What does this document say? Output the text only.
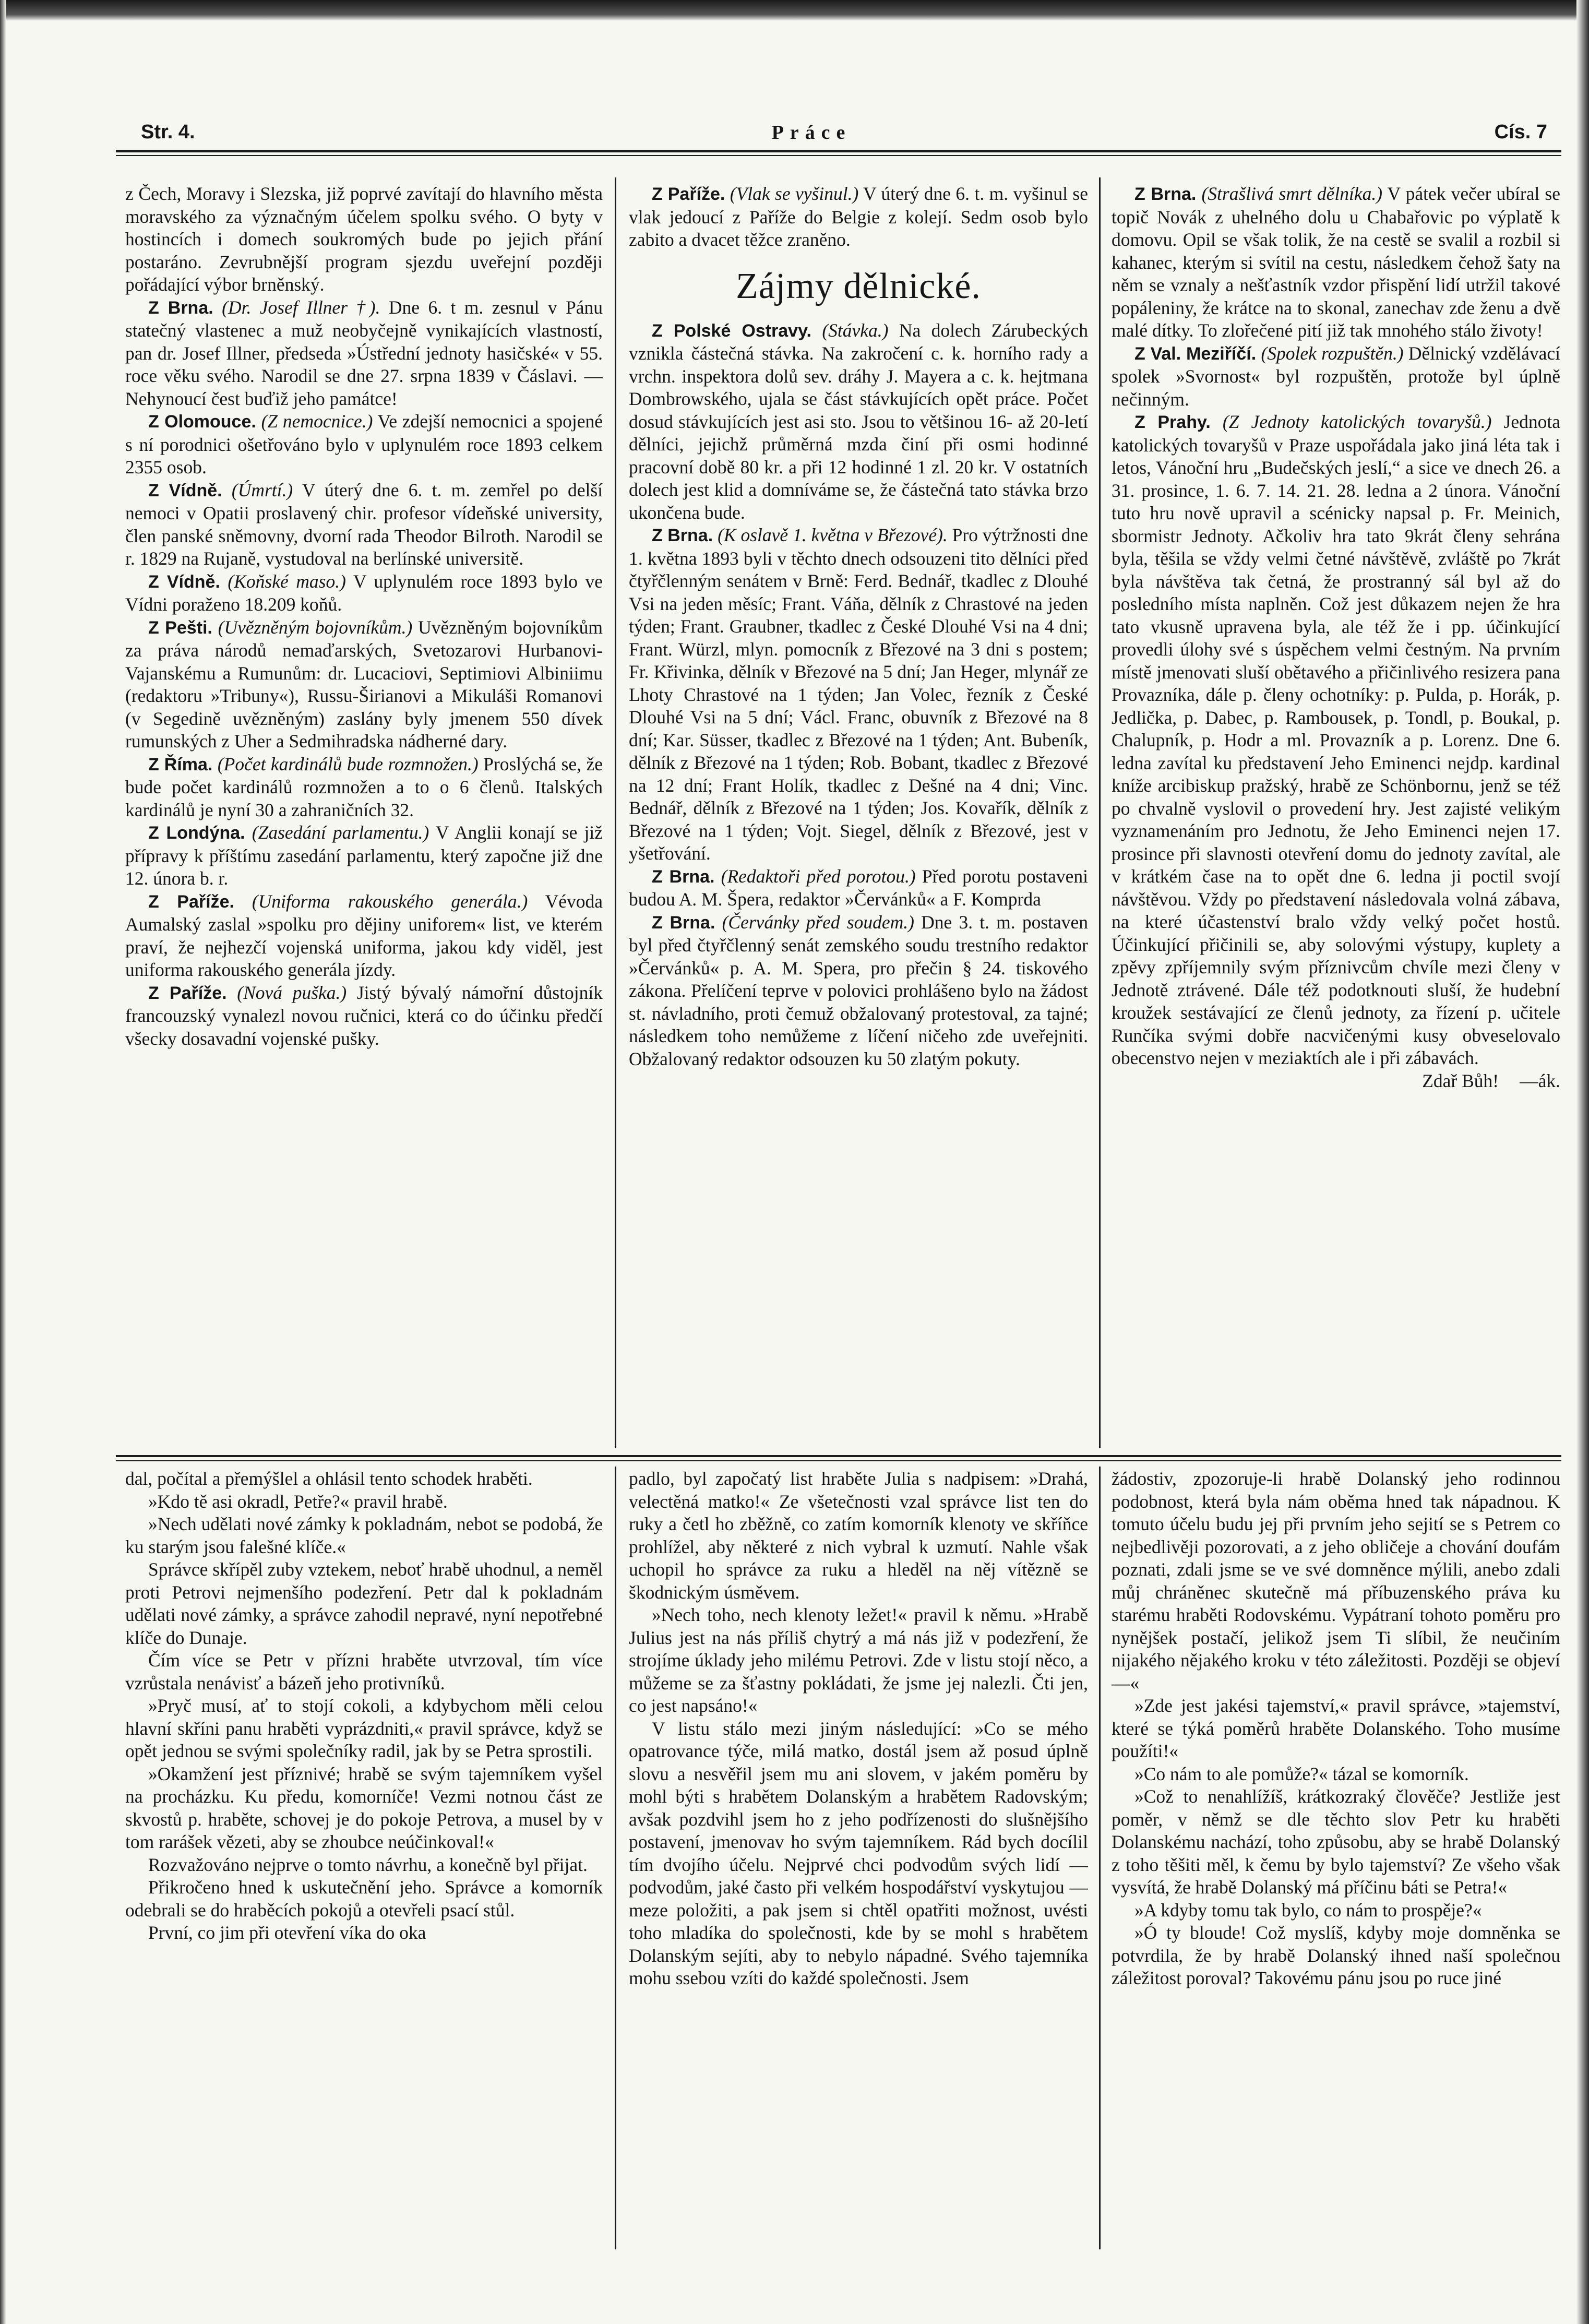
Str. 4.	Práce	Cís. 7

z Čech, Moravy i Slezska, již poprvé zavítají do hlavního města moravského za význačným účelem spolku svého. O byty v hostincích i domech soukromých bude po jejich přání postaráno. Zevrubnější program sjezdu uveřejní později pořádající výbor brněnský.

Z Brna. (Dr. Josef Illner †). Dne 6. t m. zesnul v Pánu statečný vlastenec a muž neobyčejně vynikajících vlastností, pan dr. Josef Illner, předseda »Ústřední jednoty hasičské« v 55. roce věku svého. Narodil se dne 27. srpna 1839 v Čáslavi. — Nehynoucí čest buďiž jeho památce!

Z Olomouce. (Z nemocnice.) Ve zdejší nemocnici a spojené s ní porodnici ošetřováno bylo v uplynulém roce 1893 celkem 2355 osob.

Z Vídně. (Úmrtí.) V úterý dne 6. t. m. zemřel po delší nemoci v Opatii proslavený chir. profesor vídeňské university, člen panské sněmovny, dvorní rada Theodor Bilroth. Narodil se r. 1829 na Rujaně, vystudoval na berlínské universitě.

Z Vídně. (Koňské maso.) V uplynulém roce 1893 bylo ve Vídni poraženo 18.209 koňů.

Z Pešti. (Uvězněným bojovníkům.) Uvězněným bojovníkům za práva národů nemaďarských, Svetozarovi Hurbanovi-Vajanskému a Rumunům: dr. Lucaciovi, Septimiovi Albiniimu (redaktoru »Tribuny«), Russu-Širianovi a Mikuláši Romanovi (v Segedině uvězněným) zaslány byly jmenem 550 dívek rumunských z Uher a Sedmihradska nádherné dary.

Z Říma. (Počet kardinálů bude rozmnožen.) Proslýchá se, že bude počet kardinálů rozmnožen a to o 6 členů. Italských kardinálů je nyní 30 a zahraničních 32.

Z Londýna. (Zasedání parlamentu.) V Anglii konají se již přípravy k příštímu zasedání parlamentu, který započne již dne 12. února b. r.

Z Paříže. (Uniforma rakouského generála.) Vévoda Aumalský zaslal »spolku pro dějiny uniforem« list, ve kterém praví, že nejhezčí vojenská uniforma, jakou kdy viděl, jest uniforma rakouského generála jízdy.

Z Paříže. (Nová puška.) Jistý bývalý námořní důstojník francouzský vynalezl novou ručnici, která co do účinku předčí všecky dosavadní vojenské pušky.

Z Paříže. (Vlak se vyšinul.) V úterý dne 6. t. m. vyšinul se vlak jedoucí z Paříže do Belgie z kolejí. Sedm osob bylo zabito a dvacet těžce zraněno.

Zájmy dělnické.

Z Polské Ostravy. (Stávka.) Na dolech Zárubeckých vznikla částečná stávka. Na zakročení c. k. horního rady a vrchn. inspektora dolů sev. dráhy J. Mayera a c. k. hejtmana Dombrowského, ujala se část stávkujících opět práce. Počet dosud stávkujících jest asi sto. Jsou to většinou 16- až 20-letí dělníci, jejichž průměrná mzda činí při osmi hodinné pracovní době 80 kr. a při 12 hodinné 1 zl. 20 kr. V ostatních dolech jest klid a domníváme se, že částečná tato stávka brzo ukončena bude.

Z Brna. (K oslavě 1. května v Březové). Pro výtržnosti dne 1. května 1893 byli v těchto dnech odsouzeni tito dělníci před čtyřčlenným senátem v Brně: Ferd. Bednář, tkadlec z Dlouhé Vsi na jeden měsíc; Frant. Váňa, dělník z Chrastové na jeden týden; Frant. Graubner, tkadlec z České Dlouhé Vsi na 4 dni; Frant. Würzl, mlyn. pomocník z Březové na 3 dni s postem; Fr. Křivinka, dělník v Březové na 5 dní; Jan Heger, mlynář ze Lhoty Chrastové na 1 týden; Jan Volec, řezník z České Dlouhé Vsi na 5 dní; Václ. Franc, obuvník z Březové na 8 dní; Kar. Süsser, tkadlec z Březové na 1 týden; Ant. Bubeník, dělník z Březové na 1 týden; Rob. Bobant, tkadlec z Březové na 12 dní; Frant Holík, tkadlec z Dešné na 4 dni; Vinc. Bednář, dělník z Březové na 1 týden; Jos. Kovařík, dělník z Březové na 1 týden; Vojt. Siegel, dělník z Březové, jest v yšetřování.

Z Brna. (Redaktoři před porotou.) Před porotu postaveni budou A. M. Špera, redaktor »Červánků« a F. Komprda

Z Brna. (Červánky před soudem.) Dne 3. t. m. postaven byl před čtyřčlenný senát zemského soudu trestního redaktor »Červánků« p. A. M. Spera, pro přečin § 24. tiskového zákona. Přelíčení teprve v polovici prohlášeno bylo na žádost st. návladního, proti čemuž obžalovaný protestoval, za tajné; následkem toho nemůžeme z líčení ničeho zde uveřejniti. Obžalovaný redaktor odsouzen ku 50 zlatým pokuty.

Z Brna. (Strašlivá smrt dělníka.) V pátek večer ubíral se topič Novák z uhelného dolu u Chabařovic po výplatě k domovu. Opil se však tolik, že na cestě se svalil a rozbil si kahanec, kterým si svítil na cestu, následkem čehož šaty na něm se vznaly a nešťastník vzdor přispění lidí utržil takové popáleniny, že krátce na to skonal, zanechav zde ženu a dvě malé dítky. To zlořečené pití již tak mnohého stálo životy!

Z Val. Meziříčí. (Spolek rozpuštěn.) Dělnický vzdělávací spolek »Svornost« byl rozpuštěn, protože byl úplně nečinným.

Z Prahy. (Z Jednoty katolických tovaryšů.) Jednota katolických tovaryšů v Praze uspořádala jako jiná léta tak i letos, Vánoční hru „Budečských jeslí,“ a sice ve dnech 26. a 31. prosince, 1. 6. 7. 14. 21. 28. ledna a 2 února. Vánoční tuto hru nově upravil a scénicky napsal p. Fr. Meinich, sbormistr Jednoty. Ačkoliv hra tato 9krát členy sehrána byla, těšila se vždy velmi četné návštěvě, zvláště po 7krát byla návštěva tak četná, že prostranný sál byl až do posledního místa naplněn. Což jest důkazem nejen že hra tato vkusně upravena byla, ale též že i pp. účinkující provedli úlohy své s úspěchem velmi čestným. Na prvním místě jmenovati sluší obětavého a přičinlivého resizera pana Provazníka, dále p. členy ochotníky: p. Pulda, p. Horák, p. Jedlička, p. Dabec, p. Rambousek, p. Tondl, p. Boukal, p. Chalupník, p. Hodr a ml. Provazník a p. Lorenz. Dne 6. ledna zavítal ku představení Jeho Eminenci nejdp. kardinal kníže arcibiskup pražský, hrabě ze Schönbornu, jenž se též po chvalně vyslovil o provedení hry. Jest zajisté velikým vyznamenáním pro Jednotu, že Jeho Eminenci nejen 17. prosince při slavnosti otevření domu do jednoty zavítal, ale v krátkém čase na to opět dne 6. ledna ji poctil svojí návštěvou. Vždy po představení následovala volná zábava, na které účastenství bralo vždy velký počet hostů. Účinkující přičinili se, aby solovými výstupy, kuplety a zpěvy zpříjemnily svým příznivcům chvíle mezi členy v Jednotě ztrávené. Dále též podotknouti sluší, že hudební kroužek sestávající ze členů jednoty, za řízení p. učitele Runčíka svými dobře nacvičenými kusy obveselovalo obecenstvo nejen v meziaktích ale i při zábavách.

Zdař Bůh! —ák.

dal, počítal a přemýšlel a ohlásil tento schodek hraběti.

»Kdo tě asi okradl, Petře?« pravil hrabě.

»Nech udělati nové zámky k pokladnám, nebot se podobá, že ku starým jsou falešné klíče.«

Správce skřípěl zuby vztekem, neboť hrabě uhodnul, a neměl proti Petrovi nejmenšího podezření. Petr dal k pokladnám udělati nové zámky, a správce zahodil nepravé, nyní nepotřebné klíče do Dunaje.

Čím více se Petr v přízni hraběte utvrzoval, tím více vzrůstala nenávisť a bázeň jeho protivníků.

»Pryč musí, ať to stojí cokoli, a kdybychom měli celou hlavní skříni panu hraběti vyprázdniti,« pravil správce, když se opět jednou se svými společníky radil, jak by se Petra sprostili.

»Okamžení jest příznivé; hrabě se svým tajemníkem vyšel na procházku. Ku předu, komorníče! Vezmi notnou část ze skvostů p. hraběte, schovej je do pokoje Petrova, a musel by v tom rarášek vězeti, aby se zhoubce neúčinkoval!«

Rozvažováno nejprve o tomto návrhu, a konečně byl přijat.

Přikročeno hned k uskutečnění jeho. Správce a komorník odebrali se do hraběcích pokojů a otevřeli psací stůl.

První, co jim při otevření víka do oka

padlo, byl započatý list hraběte Julia s nadpisem: »Drahá, velectěná matko!« Ze všetečnosti vzal správce list ten do ruky a četl ho zběžně, co zatím komorník klenoty ve skříňce prohlížel, aby některé z nich vybral k uzmutí. Nahle však uchopil ho správce za ruku a hleděl na něj vítězně se škodnickým úsměvem.

»Nech toho, nech klenoty ležet!« pravil k němu. »Hrabě Julius jest na nás příliš chytrý a má nás již v podezření, že strojíme úklady jeho milému Petrovi. Zde v listu stojí něco, a můžeme se za šťastny pokládati, že jsme jej nalezli. Čti jen, co jest napsáno!«

V listu stálo mezi jiným následující: »Co se mého opatrovance týče, milá matko, dostál jsem až posud úplně slovu a nesvěřil jsem mu ani slovem, v jakém poměru by mohl býti s hrabětem Dolanským a hrabětem Radovským; avšak pozdvihl jsem ho z jeho podřízenosti do slušnějšího postavení, jmenovav ho svým tajemníkem. Rád bych docílil tím dvojího účelu. Nejprvé chci podvodům svých lidí — podvodům, jaké často při velkém hospodářství vyskytujou — meze položiti, a pak jsem si chtěl opatřiti možnost, uvésti toho mladíka do společnosti, kde by se mohl s hrabětem Dolanským sejíti, aby to nebylo nápadné. Svého tajemníka mohu ssebou vzíti do každé společnosti. Jsem

žádostiv, zpozoruje-li hrabě Dolanský jeho rodinnou podobnost, která byla nám oběma hned tak nápadnou. K tomuto účelu budu jej při prvním jeho sejití se s Petrem co nejbedlivěji pozorovati, a z jeho obličeje a chování doufám poznati, zdali jsme se ve své domněnce mýlili, anebo zdali můj chráněnec skutečně má příbuzenského práva ku starému hraběti Rodovskému. Vypátraní tohoto poměru pro nynějšek postačí, jelikož jsem Ti slíbil, že neučiním nijakého nějakého kroku v této záležitosti. Později se objeví—«

»Zde jest jakési tajemství,« pravil správce, »tajemství, které se týká poměrů hraběte Dolanského. Toho musíme použíti!«

»Co nám to ale pomůže?« tázal se komorník.

»Což to nenahlížíš, krátkozraký člověče? Jestliže jest poměr, v němž se dle těchto slov Petr ku hraběti Dolanskému nachází, toho způsobu, aby se hrabě Dolanský z toho těšiti měl, k čemu by bylo tajemství? Ze všeho však vysvítá, že hrabě Dolanský má příčinu báti se Petra!«

»A kdyby tomu tak bylo, co nám to prospěje?«

»Ó ty bloude! Což myslíš, kdyby moje domněnka se potvrdila, že by hrabě Dolanský ihned naší společnou záležitost poroval? Takovému pánu jsou po ruce jiné
